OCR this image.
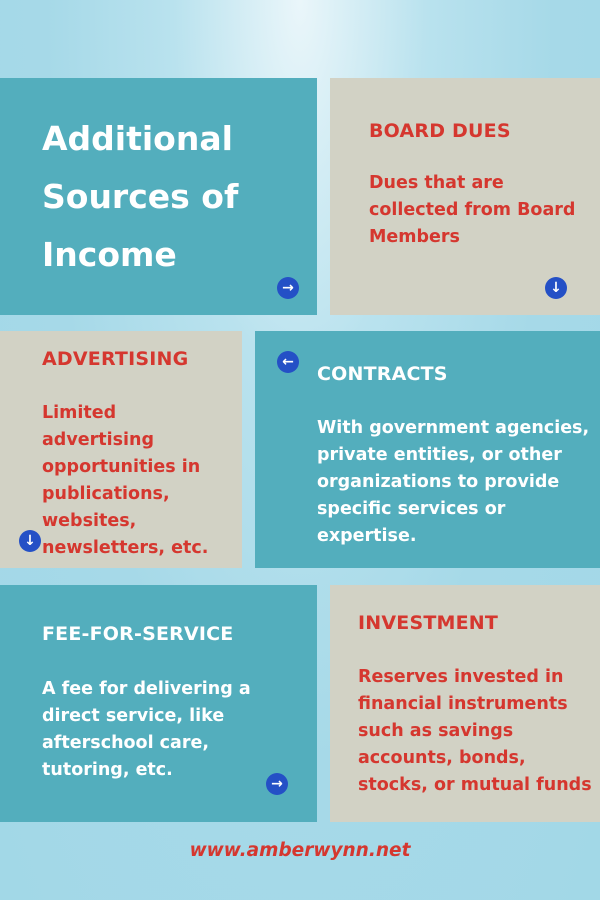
→
Additional Sources of Income
BOARD DUES

Dues that are collected from Board Members

↓
ADVERTISING

Limited advertising opportunities in publications, websites, newsletters, etc.

↓
←
CONTRACTS

With government agencies, private entities, or other organizations to provide specific services or expertise.

FEE-FOR-SERVICE

A fee for delivering a direct service, like afterschool care, tutoring, etc.

→
INVESTMENT

Reserves invested in financial instruments such as savings accounts, bonds, stocks, or mutual funds

www.amberwynn.net
